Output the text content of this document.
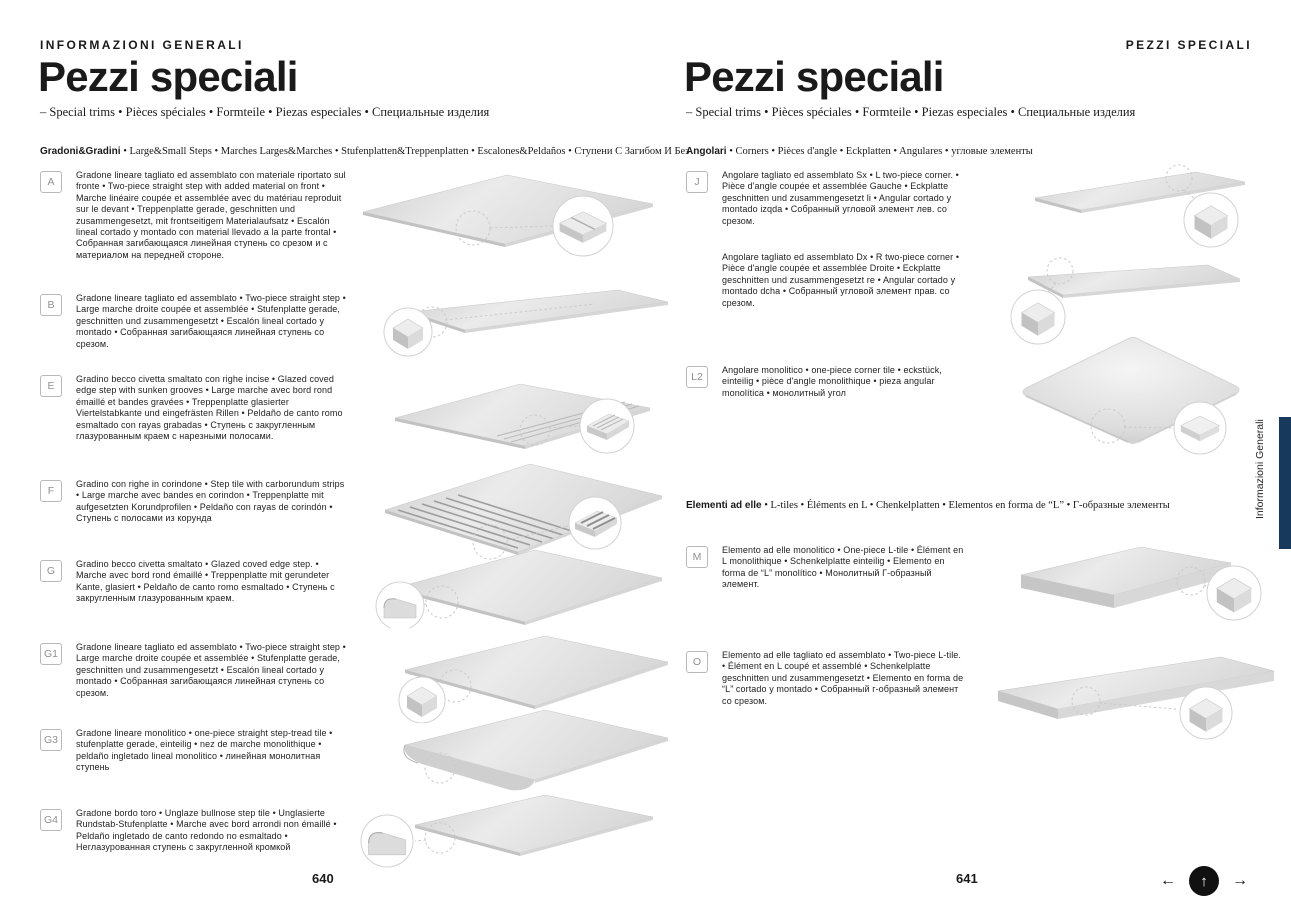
INFORMAZIONI GENERALI
Pezzi speciali
– Special trims • Pièces spéciales • Formteile • Piezas especiales • Специальные изделия
Gradoni&Gradini • Large&Small Steps • Marches Larges&Marches • Stufenplatten&Treppenplatten • Escalones&Peldaños • Ступени С Загибом И Без
A

Gradone lineare tagliato ed assemblato con materiale riportato sul fronte • Two-piece straight step with added material on front • Marche linéaire coupée et assemblée avec du matériau reproduit sur le devant • Treppenplatte gerade, geschnitten und zusammengesetzt, mit frontseitigem Materialaufsatz • Escalón lineal cortado y montado con material llevado a la parte frontal • Собранная загибающаяся линейная ступень со срезом и с материалом на передней стороне.

B

Gradone lineare tagliato ed assemblato • Two-piece straight step • Large marche droite coupée et assemblée • Stufenplatte gerade, geschnitten und zusammengesetzt • Escalón lineal cortado y montado • Собранная загибающаяся линейная ступень со срезом.

E

Gradino becco civetta smaltato con righe incise • Glazed coved edge step with sunken grooves • Large marche avec bord rond émaillé et bandes gravées • Treppenplatte glasierter Viertelstabkante und eingefrästen Rillen • Peldaño de canto romo esmaltado con rayas grabadas • Ступень с закругленным глазурованным краем с нарезными полосами.

F

Gradino con righe in corindone • Step tile with carborundum strips • Large marche avec bandes en corindon • Treppenplatte mit aufgesetzten Korundprofilen • Peldaño con rayas de corindón • Ступень с полосами из корунда

G

Gradino becco civetta smaltato • Glazed coved edge step. • Marche avec bord rond émaillé • Treppenplatte mit gerundeter Kante, glasiert • Peldaño de canto romo esmaltado • Ступень с закругленным глазурованным краем.

G1

Gradone lineare tagliato ed assemblato • Two-piece straight step • Large marche droite coupée et assemblée • Stufenplatte gerade, geschnitten und zusammengesetzt • Escalón lineal cortado y montado • Собранная загибающаяся линейная ступень со срезом.

G3

Gradone lineare monolitico • one-piece straight step-tread tile • stufenplatte gerade, einteilig • nez de marche monolithique • peldaño ingletado lineal monolitico • линейная монолитная ступень

G4

Gradone bordo toro • Unglaze bullnose step tile • Unglasierte Rundstab-Stufenplatte • Marche avec bord arrondi non émaillé • Peldaño ingletado de canto redondo no esmaltado • Неглазурованная ступень с закругленной кромкой

640
PEZZI SPECIALI
Pezzi speciali
– Special trims • Pièces spéciales • Formteile • Piezas especiales • Специальные изделия
Angolari • Corners • Pièces d'angle • Eckplatten • Angulares • угловые элементы
J

Angolare tagliato ed assemblato Sx • L two-piece corner. • Pièce d'angle coupée et assemblée Gauche • Eckplatte geschnitten und zusammengesetzt li • Angular cortado y montado izqda • Собранный угловой элемент лев. со срезом.

Angolare tagliato ed assemblato Dx • R two-piece corner • Pièce d'angle coupée et assemblée Droite • Eckplatte geschnitten und zusammengesetzt re • Angular cortado y montado dcha • Собранный угловой элемент прав. со срезом.

L2

Angolare monolitico • one-piece corner tile • eckstück, einteilig • pièce d'angle monolithique • pieza angular monolítica • монолитный угол

Elementi ad elle • L-tiles • Éléments en L • Chenkelplatten • Elementos en forma de “L” • Г-образные элементы
M

Elemento ad elle monolitico • One-piece L-tile • Élément en L monolithique • Schenkelplatte einteilig • Elemento en forma de “L” monolítico • Монолитный Г-образный элемент.

O

Elemento ad elle tagliato ed assemblato • Two-piece L-tile. • Élément en L coupé et assemblé • Schenkelplatte geschnitten und zusammengesetzt • Elemento en forma de “L” cortado y montado • Собранный г-образный элемент со срезом.

641	← ↑ →
Informazioni Generali
